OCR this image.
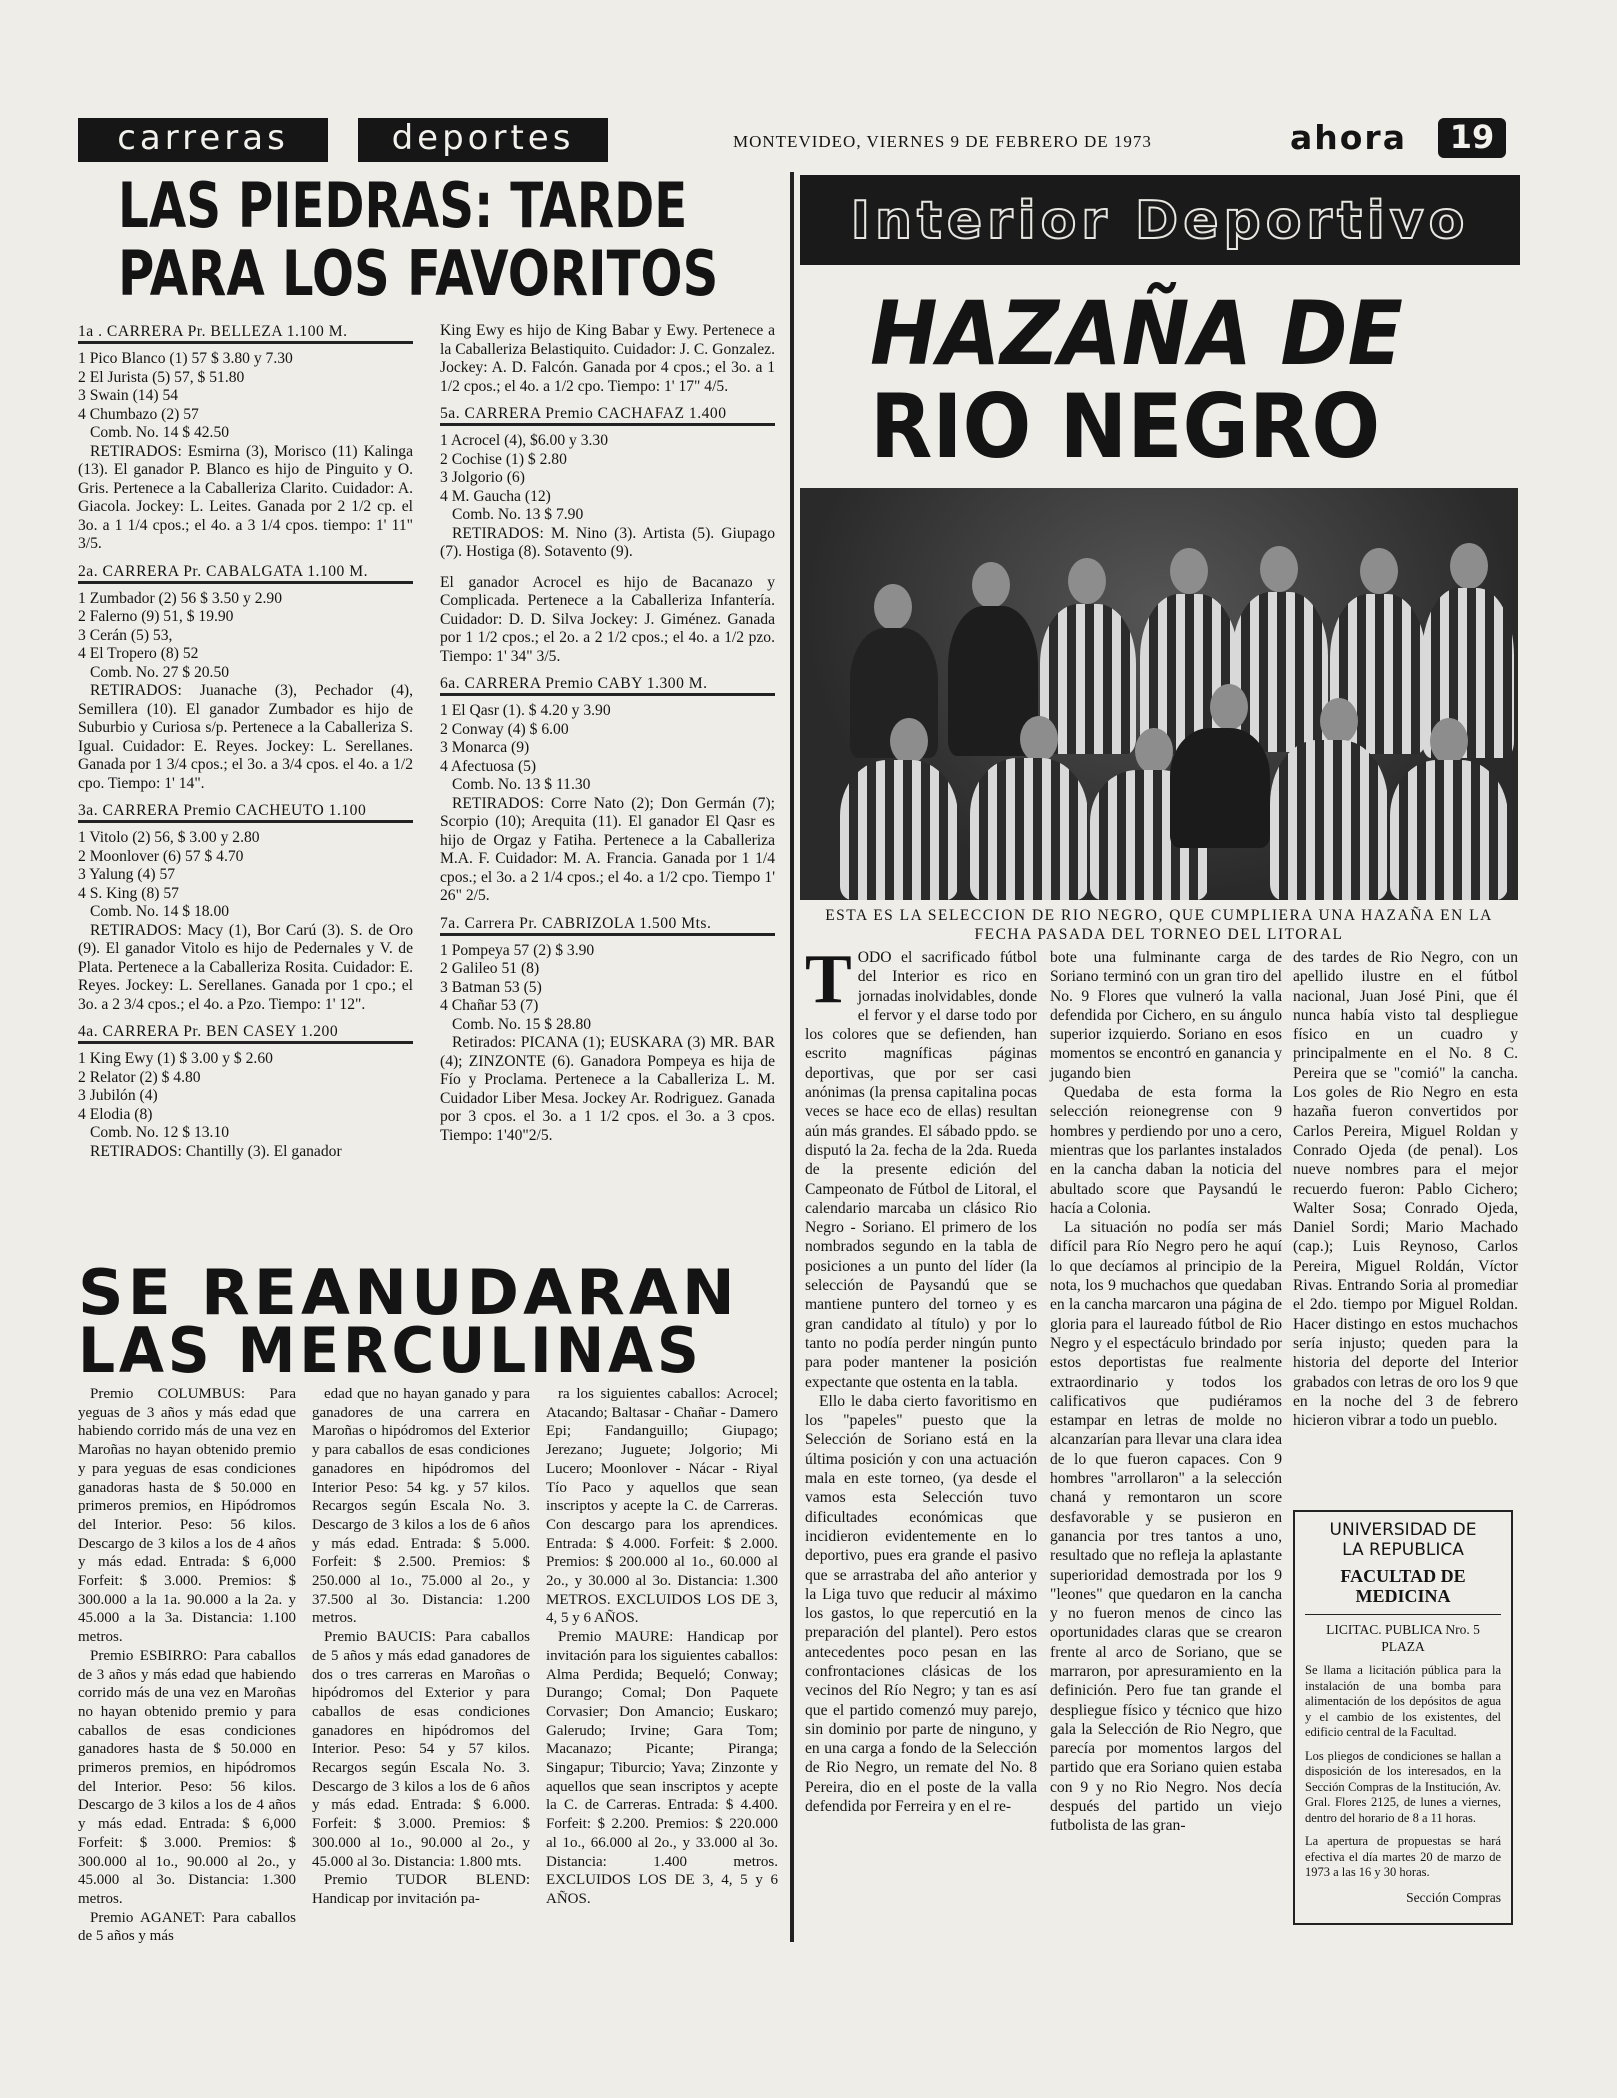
carreras	deportes	MONTEVIDEO, VIERNES 9 DE FEBRERO DE 1973	ahora	19
LAS PIEDRAS: TARDE
PARA LOS FAVORITOS
1a . CARRERA Pr. BELLEZA 1.100 M.
1 Pico Blanco (1) 57 $ 3.80 y 7.30
2 El Jurista (5) 57, $ 51.80
3 Swain (14) 54
4 Chumbazo (2) 57
Comb. No. 14 $ 42.50
RETIRADOS: Esmirna (3), Morisco (11) Kalinga (13). El ganador P. Blanco es hijo de Pinguito y O. Gris. Pertenece a la Caballeriza Clarito. Cuidador: A. Giacola. Jockey: L. Leites. Ganada por 2 1/2 cp. el 3o. a 1 1/4 cpos.; el 4o. a 3 1/4 cpos. tiempo: 1' 11" 3/5.
2a. CARRERA Pr. CABALGATA 1.100 M.
1 Zumbador (2) 56 $ 3.50 y 2.90
2 Falerno (9) 51, $ 19.90
3 Cerán (5) 53,
4 El Tropero (8) 52
Comb. No. 27 $ 20.50
RETIRADOS: Juanache (3), Pechador (4), Semillera (10). El ganador Zumbador es hijo de Suburbio y Curiosa s/p. Pertenece a la Caballeriza S. Igual. Cuidador: E. Reyes. Jockey: L. Serellanes. Ganada por 1 3/4 cpos.; el 3o. a 3/4 cpos. el 4o. a 1/2 cpo. Tiempo: 1' 14".
3a. CARRERA Premio CACHEUTO 1.100
1 Vitolo (2) 56, $ 3.00 y 2.80
2 Moonlover (6) 57 $ 4.70
3 Yalung (4) 57
4 S. King (8) 57
Comb. No. 14 $ 18.00
RETIRADOS: Macy (1), Bor Carú (3). S. de Oro (9). El ganador Vitolo es hijo de Pedernales y V. de Plata. Pertenece a la Caballeriza Rosita. Cuidador: E. Reyes. Jockey: L. Serellanes. Ganada por 1 cpo.; el 3o. a 2 3/4 cpos.; el 4o. a Pzo. Tiempo: 1' 12".
4a. CARRERA Pr. BEN CASEY 1.200
1 King Ewy (1) $ 3.00 y $ 2.60
2 Relator (2) $ 4.80
3 Jubilón (4)
4 Elodia (8)
Comb. No. 12 $ 13.10
RETIRADOS: Chantilly (3). El ganador
King Ewy es hijo de King Babar y Ewy. Pertenece a la Caballeriza Belastiquito. Cuidador: J. C. Gonzalez. Jockey: A. D. Falcón. Ganada por 4 cpos.; el 3o. a 1 1/2 cpos.; el 4o. a 1/2 cpo. Tiempo: 1' 17" 4/5.
5a. CARRERA Premio CACHAFAZ 1.400
1 Acrocel (4), $6.00 y 3.30
2 Cochise (1) $ 2.80
3 Jolgorio (6)
4 M. Gaucha (12)
Comb. No. 13 $ 7.90
RETIRADOS: M. Nino (3). Artista (5). Giupago (7). Hostiga (8). Sotavento (9).
El ganador Acrocel es hijo de Bacanazo y Complicada. Pertenece a la Caballeriza Infantería. Cuidador: D. D. Silva Jockey: J. Giménez. Ganada por 1 1/2 cpos.; el 2o. a 2 1/2 cpos.; el 4o. a 1/2 pzo. Tiempo: 1' 34" 3/5.
6a. CARRERA Premio CABY 1.300 M.
1 El Qasr (1). $ 4.20 y 3.90
2 Conway (4) $ 6.00
3 Monarca (9)
4 Afectuosa (5)
Comb. No. 13 $ 11.30
RETIRADOS: Corre Nato (2); Don Germán (7); Scorpio (10); Arequita (11). El ganador El Qasr es hijo de Orgaz y Fatiha. Pertenece a la Caballeriza M.A. F. Cuidador: M. A. Francia. Ganada por 1 1/4 cpos.; el 3o. a 2 1/4 cpos.; el 4o. a 1/2 cpo. Tiempo 1' 26" 2/5.
7a. Carrera Pr. CABRIZOLA 1.500 Mts.
1 Pompeya 57 (2) $ 3.90
2 Galileo 51 (8)
3 Batman 53 (5)
4 Chañar 53 (7)
Comb. No. 15 $ 28.80
Retirados: PICANA (1); EUSKARA (3) MR. BAR (4); ZINZONTE (6). Ganadora Pompeya es hija de Fío y Proclama. Pertenece a la Caballeriza L. M. Cuidador Liber Mesa. Jockey Ar. Rodriguez. Ganada por 3 cpos. el 3o. a 1 1/2 cpos. el 3o. a 3 cpos. Tiempo: 1'40"2/5.
SE REANUDARAN
LAS MERCULINAS

Premio COLUMBUS: Para yeguas de 3 años y más edad que habiendo corrido más de una vez en Maroñas no hayan obtenido premio y para yeguas de esas condiciones ganadoras hasta de $ 50.000 en primeros premios, en Hipódromos del Interior. Peso: 56 kilos. Descargo de 3 kilos a los de 4 años y más edad. Entrada: $ 6,000 Forfeit: $ 3.000. Premios: $ 300.000 a la 1a. 90.000 a la 2a. y 45.000 a la 3a. Distancia: 1.100 metros.

Premio ESBIRRO: Para caballos de 3 años y más edad que habiendo corrido más de una vez en Maroñas no hayan obtenido premio y para caballos de esas condiciones ganadores hasta de $ 50.000 en primeros premios, en hipódromos del Interior. Peso: 56 kilos. Descargo de 3 kilos a los de 4 años y más edad. Entrada: $ 6,000 Forfeit: $ 3.000. Premios: $ 300.000 al 1o., 90.000 al 2o., y 45.000 al 3o. Distancia: 1.300 metros.

Premio AGANET: Para caballos de 5 años y más

edad que no hayan ganado y para ganadores de una carrera en Maroñas o hipódromos del Exterior y para caballos de esas condiciones ganadores en hipódromos del Interior Peso: 54 kg. y 57 kilos. Recargos según Escala No. 3. Descargo de 3 kilos a los de 6 años y más edad. Entrada: $ 5.000. Forfeit: $ 2.500. Premios: $ 250.000 al 1o., 75.000 al 2o., y 37.500 al 3o. Distancia: 1.200 metros.

Premio BAUCIS: Para caballos de 5 años y más edad ganadores de dos o tres carreras en Maroñas o hipódromos del Exterior y para caballos de esas condiciones ganadores en hipódromos del Interior. Peso: 54 y 57 kilos. Recargos según Escala No. 3. Descargo de 3 kilos a los de 6 años y más edad. Entrada: $ 6.000. Forfeit: $ 3.000. Premios: $ 300.000 al 1o., 90.000 al 2o., y 45.000 al 3o. Distancia: 1.800 mts.

Premio TUDOR BLEND: Handicap por invitación pa-

ra los siguientes caballos: Acrocel; Atacando; Baltasar - Chañar - Damero Epi; Fandanguillo; Giupago; Jerezano; Juguete; Jolgorio; Mi Lucero; Moonlover - Nácar - Riyal Tío Paco y aquellos que sean inscriptos y acepte la C. de Carreras. Con descargo para los aprendices. Entrada: $ 4.000. Forfeit: $ 2.000. Premios: $ 200.000 al 1o., 60.000 al 2o., y 30.000 al 3o. Distancia: 1.300 METROS. EXCLUIDOS LOS DE 3, 4, 5 y 6 AÑOS.

Premio MAURE: Handicap por invitación para los siguientes caballos: Alma Perdida; Bequeló; Conway; Durango; Comal; Don Paquete Corvasier; Don Amancio; Euskaro; Galerudo; Irvine; Gara Tom; Macanazo; Picante; Piranga; Singapur; Tiburcio; Yava; Zinzonte y aquellos que sean inscriptos y acepte la C. de Carreras. Entrada: $ 4.400. Forfeit: $ 2.200. Premios: $ 220.000 al 1o., 66.000 al 2o., y 33.000 al 3o. Distancia: 1.400 metros. EXCLUIDOS LOS DE 3, 4, 5 y 6 AÑOS.

Interior Deportivo
HAZAÑA DE
RIO NEGRO
ESTA ES LA SELECCION DE RIO NEGRO, QUE CUMPLIERA UNA HAZAÑA EN LA
FECHA PASADA DEL TORNEO DEL LITORAL
T ODO el sacrificado fútbol del Interior es rico en jornadas inolvidables, donde el fervor y el darse todo por los colores que se defienden, han escrito magníficas páginas deportivas, que por ser casi anónimas (la prensa capitalina pocas veces se hace eco de ellas) resultan aún más grandes. El sábado ppdo. se disputó la 2a. fecha de la 2da. Rueda de la presente edición del Campeonato de Fútbol de Litoral, el calendario marcaba un clásico Rio Negro - Soriano. El primero de los nombrados segundo en la tabla de posiciones a un punto del líder (la selección de Paysandú que se mantiene puntero del torneo y es gran candidato al título) y por lo tanto no podía perder ningún punto para poder mantener la posición expectante que ostenta en la tabla.

Ello le daba cierto favoritismo en los "papeles" puesto que la Selección de Soriano está en la última posición y con una actuación mala en este torneo, (ya desde el vamos esta Selección tuvo dificultades económicas que incidieron evidentemente en lo deportivo, pues era grande el pasivo que se arrastraba del año anterior y la Liga tuvo que reducir al máximo los gastos, lo que repercutió en la preparación del plantel). Pero estos antecedentes poco pesan en las confrontaciones clásicas de los vecinos del Río Negro; y tan es así que el partido comenzó muy parejo, sin dominio por parte de ninguno, y en una carga a fondo de la Selección de Rio Negro, un remate del No. 8 Pereira, dio en el poste de la valla defendida por Ferreira y en el re-

bote una fulminante carga de Soriano terminó con un gran tiro del No. 9 Flores que vulneró la valla defendida por Cichero, en su ángulo superior izquierdo. Soriano en esos momentos se encontró en ganancia y jugando bien

Quedaba de esta forma la selección reionegrense con 9 hombres y perdiendo por uno a cero, mientras que los parlantes instalados en la cancha daban la noticia del abultado score que Paysandú le hacía a Colonia.

La situación no podía ser más difícil para Río Negro pero he aquí lo que decíamos al principio de la nota, los 9 muchachos que quedaban en la cancha marcaron una página de gloria para el laureado fútbol de Rio Negro y el espectáculo brindado por estos deportistas fue realmente extraordinario y todos los calificativos que pudiéramos estampar en letras de molde no alcanzarían para llevar una clara idea de lo que fueron capaces. Con 9 hombres "arrollaron" a la selección chaná y remontaron un score desfavorable y se pusieron en ganancia por tres tantos a uno, resultado que no refleja la aplastante superioridad demostrada por los 9 "leones" que quedaron en la cancha y no fueron menos de cinco las oportunidades claras que se crearon frente al arco de Soriano, que se marraron, por apresuramiento en la definición. Pero fue tan grande el despliegue físico y técnico que hizo gala la Selección de Rio Negro, que parecía por momentos largos del partido que era Soriano quien estaba con 9 y no Rio Negro. Nos decía después del partido un viejo futbolista de las gran-

des tardes de Rio Negro, con un apellido ilustre en el fútbol nacional, Juan José Pini, que él nunca había visto tal despliegue físico en un cuadro y principalmente en el No. 8 C. Pereira que se "comió" la cancha. Los goles de Rio Negro en esta hazaña fueron convertidos por Carlos Pereira, Miguel Roldan y Conrado Ojeda (de penal). Los nueve nombres para el mejor recuerdo fueron: Pablo Cichero; Walter Sosa; Conrado Ojeda, Daniel Sordi; Mario Machado (cap.); Luis Reynoso, Carlos Pereira, Miguel Roldán, Víctor Rivas. Entrando Soria al promediar el 2do. tiempo por Miguel Roldan. Hacer distingo en estos muchachos sería injusto; queden para la historia del deporte del Interior grabados con letras de oro los 9 que en la noche del 3 de febrero hicieron vibrar a todo un pueblo.

UNIVERSIDAD DE
LA REPUBLICA
FACULTAD DE
MEDICINA
LICITAC. PUBLICA Nro. 5
PLAZA
Se llama a licitación pública para la instalación de una bomba para alimentación de los depósitos de agua y el cambio de los existentes, del edificio central de la Facultad.
Los pliegos de condiciones se hallan a disposición de los interesados, en la Sección Compras de la Institución, Av. Gral. Flores 2125, de lunes a viernes, dentro del horario de 8 a 11 horas.
La apertura de propuestas se hará efectiva el día martes 20 de marzo de 1973 a las 16 y 30 horas.
Sección Compras
